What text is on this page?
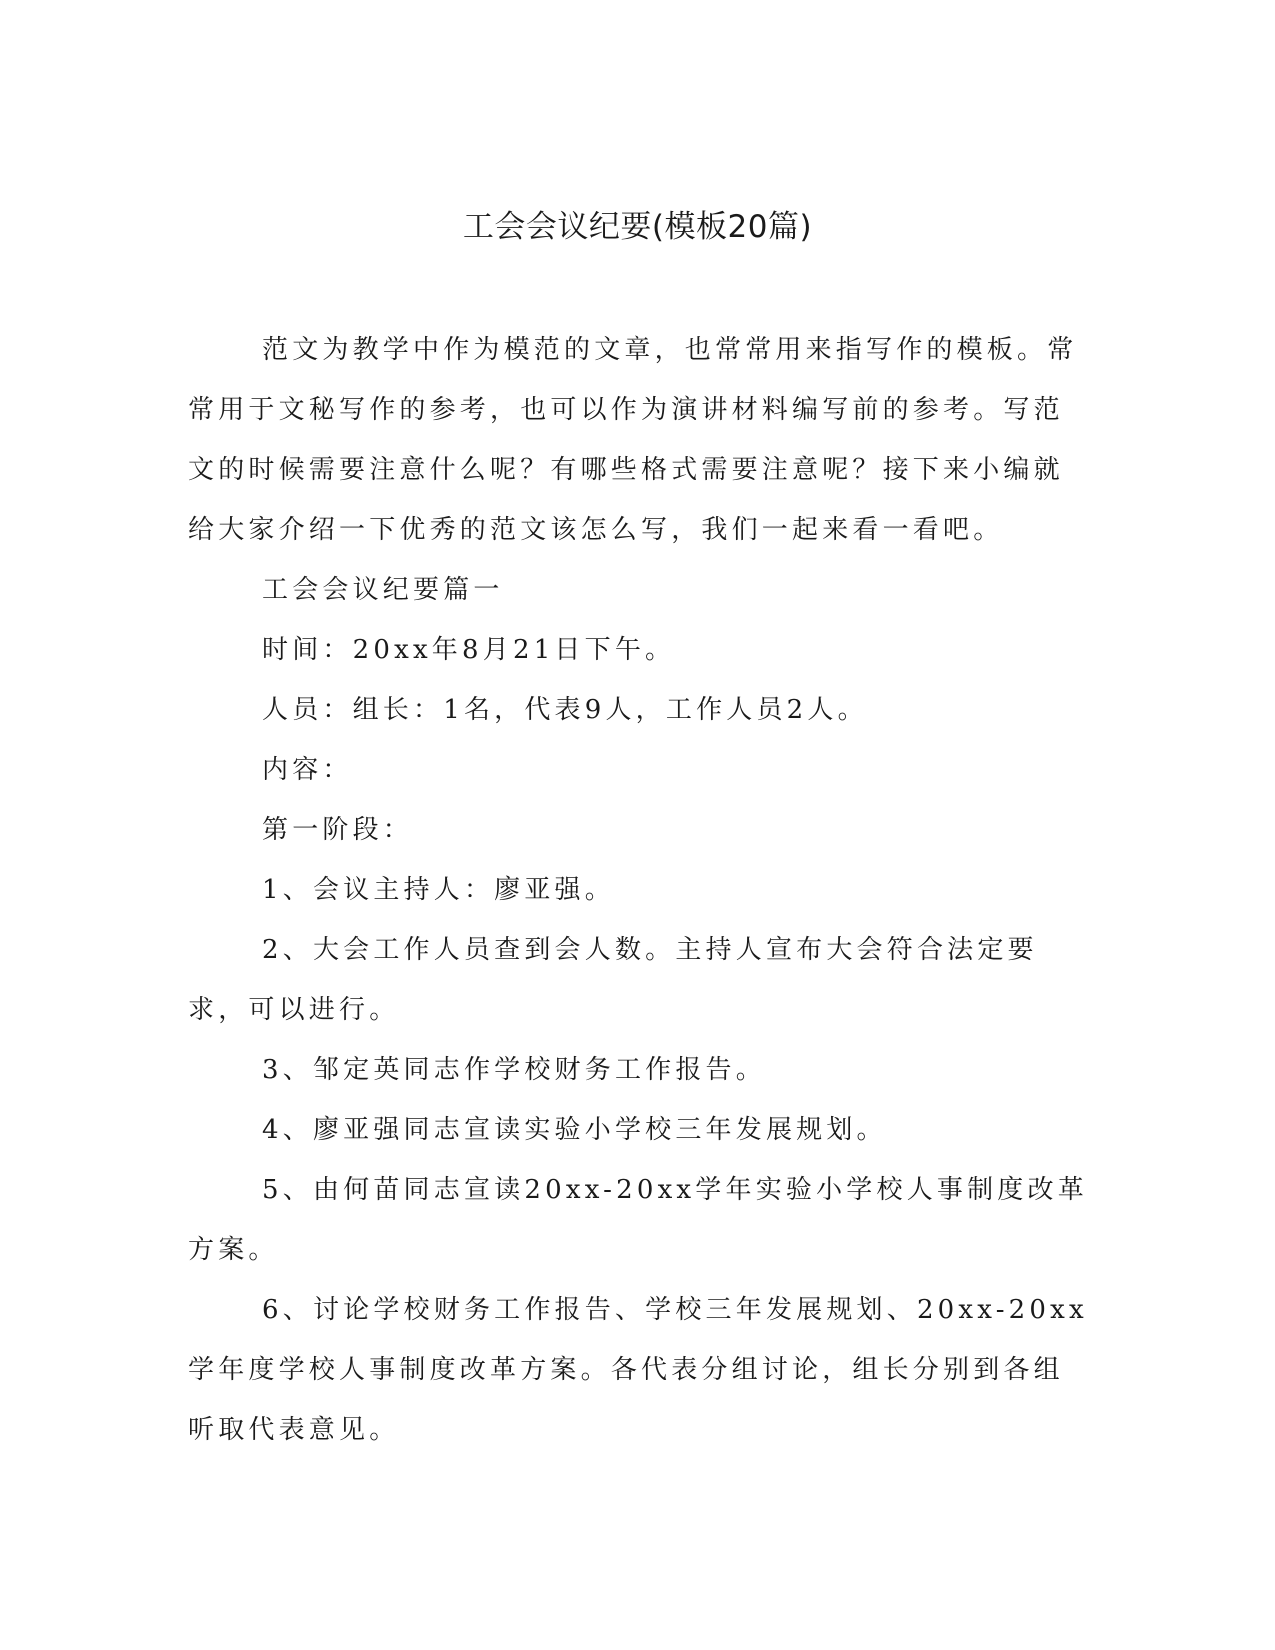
工会会议纪要(模板20篇)

范文为教学中作为模范的文章，也常常用来指写作的模板。常常用于文秘写作的参考，也可以作为演讲材料编写前的参考。写范文的时候需要注意什么呢？有哪些格式需要注意呢？接下来小编就给大家介绍一下优秀的范文该怎么写，我们一起来看一看吧。

工会会议纪要篇一

时间：20xx年8月21日下午。

人员：组长：1名，代表9人，工作人员2人。

内容：

第一阶段：

1、会议主持人：廖亚强。

2、大会工作人员查到会人数。主持人宣布大会符合法定要求，可以进行。

3、邹定英同志作学校财务工作报告。

4、廖亚强同志宣读实验小学校三年发展规划。

5、由何苗同志宣读20xx-20xx学年实验小学校人事制度改革方案。

6、讨论学校财务工作报告、学校三年发展规划、20xx-20xx学年度学校人事制度改革方案。各代表分组讨论，组长分别到各组听取代表意见。
